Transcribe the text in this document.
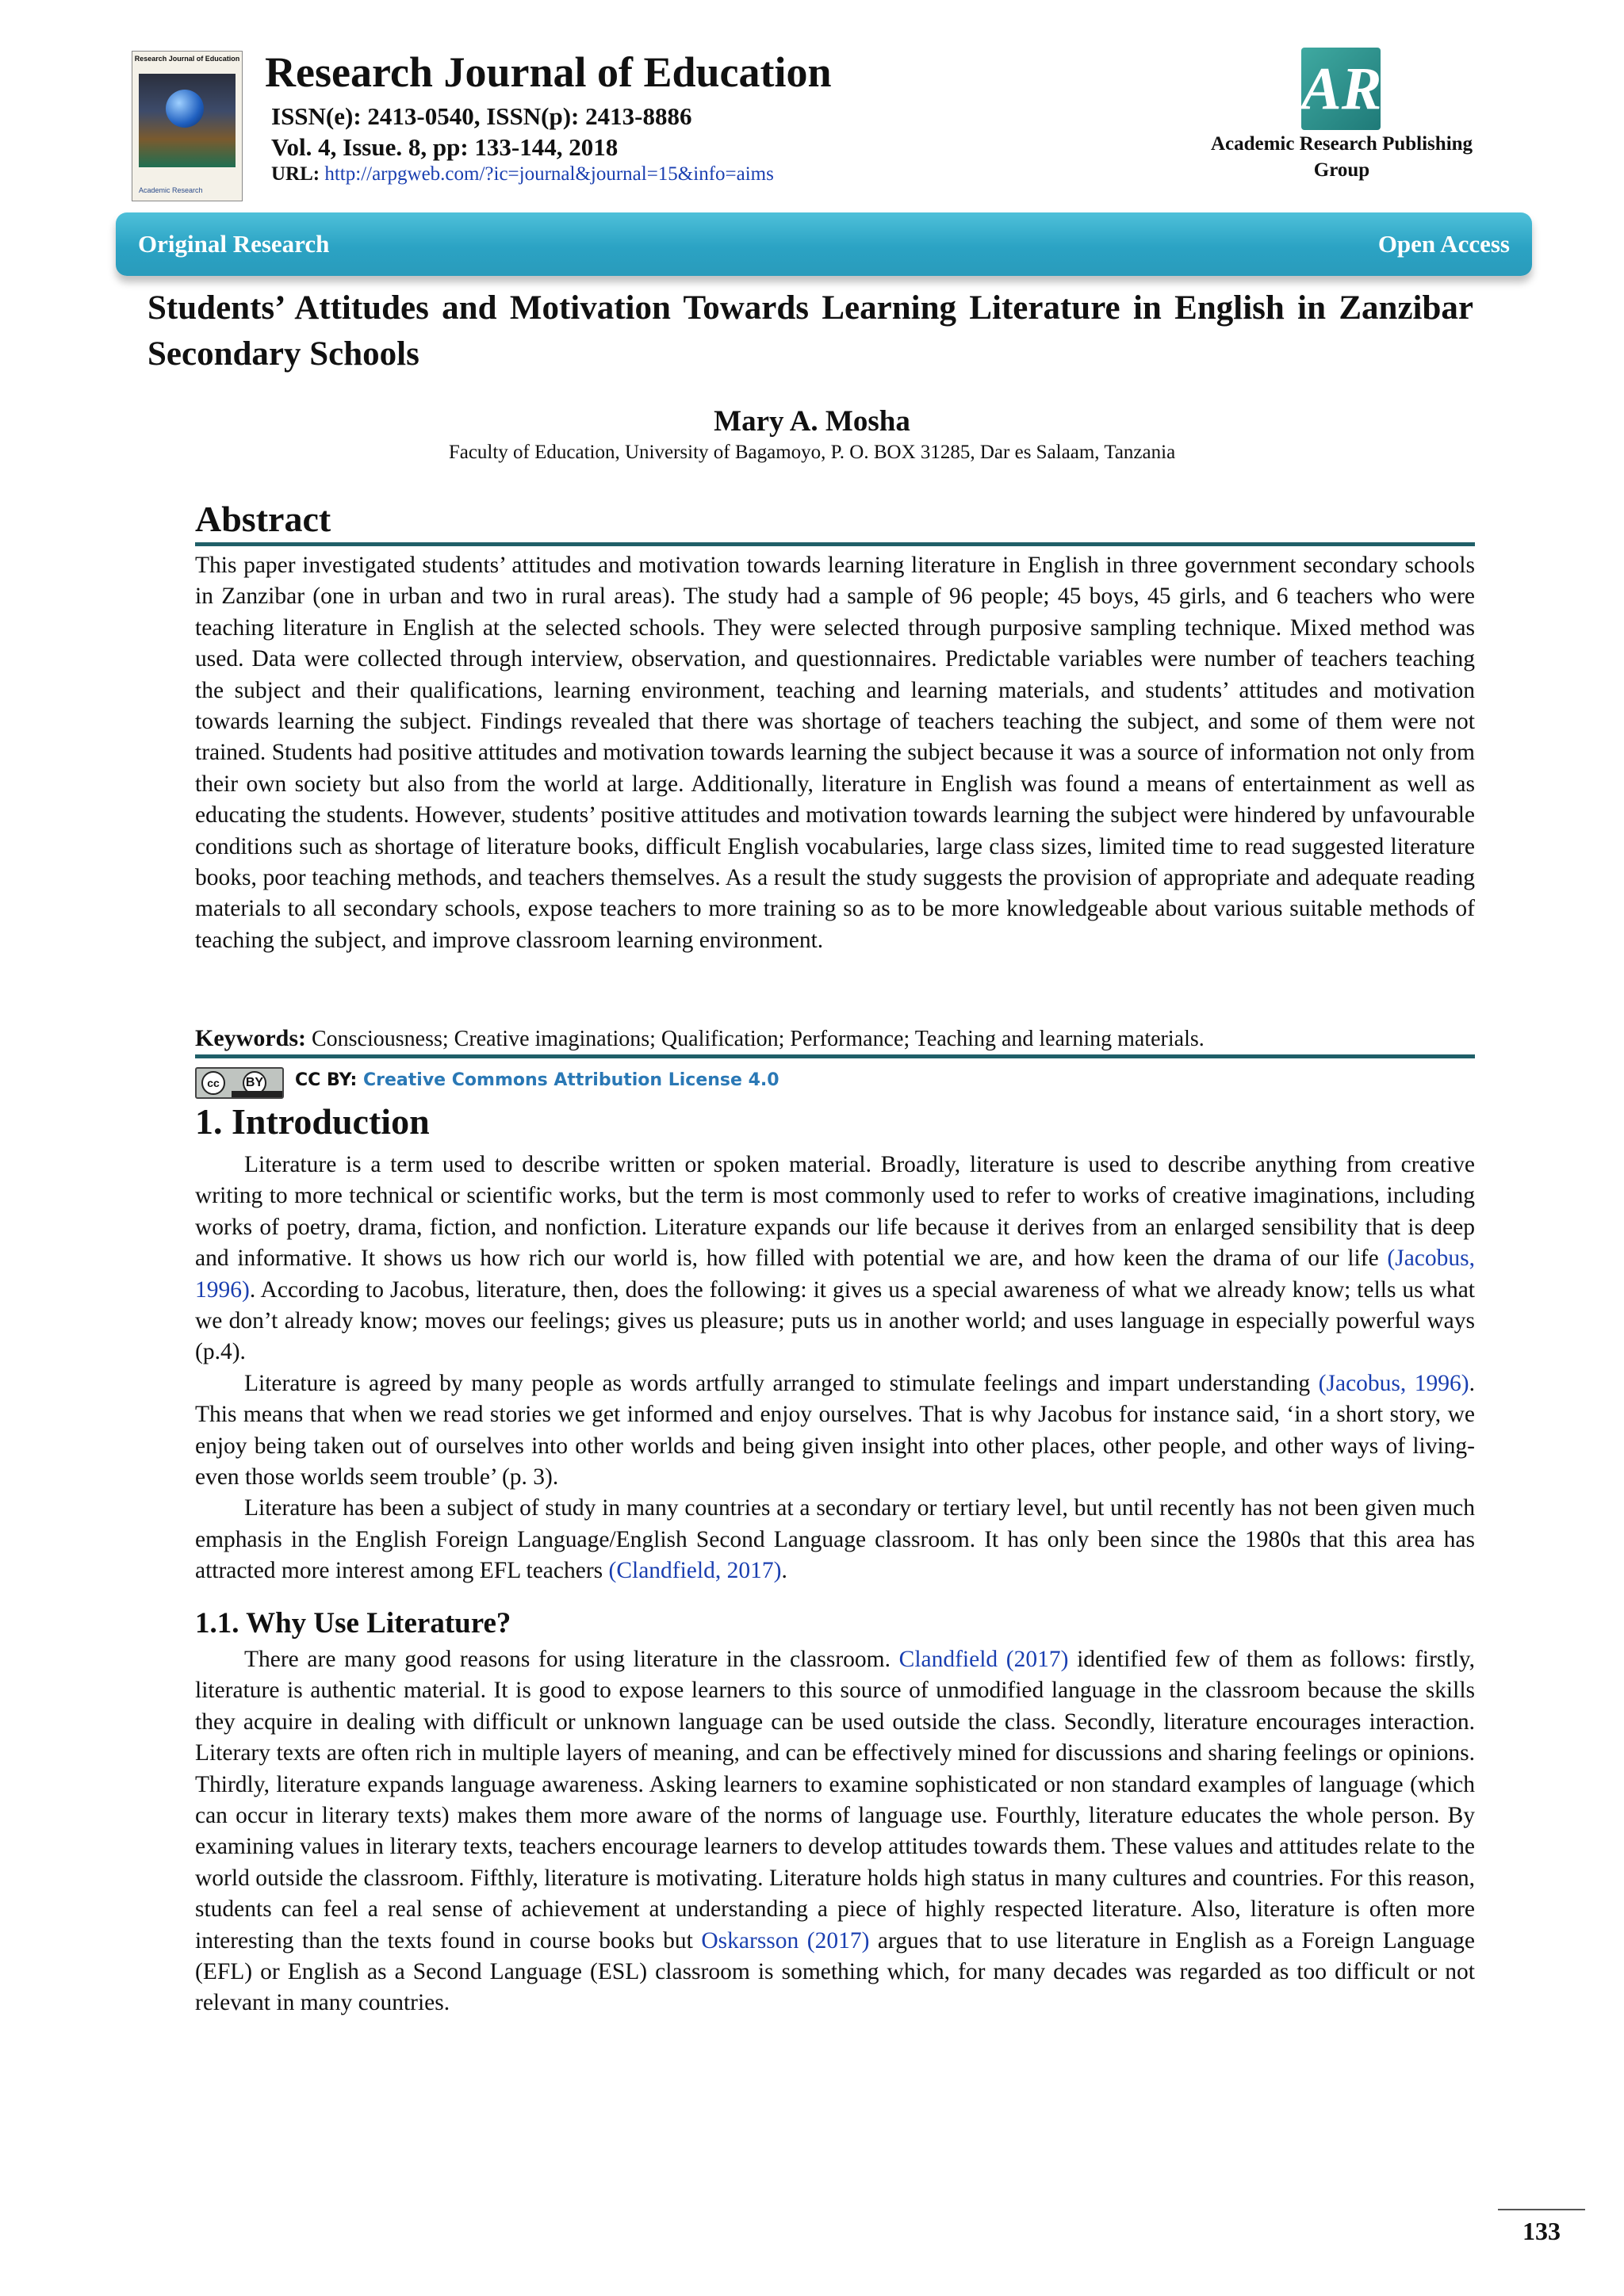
Research Journal of Education
Academic Research
Research Journal of Education
ISSN(e): 2413-0540, ISSN(p): 2413-8886
Vol. 4, Issue. 8, pp: 133-144, 2018
URL: http://arpgweb.com/?ic=journal&journal=15&info=aims
AR
Academic Research Publishing
Group
Original Research	Open Access
Students’ Attitudes and Motivation Towards Learning Literature in English in Zanzibar Secondary Schools
Mary A. Mosha
Faculty of Education, University of Bagamoyo, P. O. BOX 31285, Dar es Salaam, Tanzania
Abstract
This paper investigated students’ attitudes and motivation towards learning literature in English in three government secondary schools in Zanzibar (one in urban and two in rural areas). The study had a sample of 96 people; 45 boys, 45 girls, and 6 teachers who were teaching literature in English at the selected schools. They were selected through purposive sampling technique. Mixed method was used. Data were collected through interview, observation, and questionnaires. Predictable variables were number of teachers teaching the subject and their qualifications, learning environment, teaching and learning materials, and students’ attitudes and motivation towards learning the subject. Findings revealed that there was shortage of teachers teaching the subject, and some of them were not trained. Students had positive attitudes and motivation towards learning the subject because it was a source of information not only from their own society but also from the world at large. Additionally, literature in English was found a means of entertainment as well as educating the students. However, students’ positive attitudes and motivation towards learning the subject were hindered by unfavourable conditions such as shortage of literature books, difficult English vocabularies, large class sizes, limited time to read suggested literature books, poor teaching methods, and teachers themselves. As a result the study suggests the provision of appropriate and adequate reading materials to all secondary schools, expose teachers to more training so as to be more knowledgeable about various suitable methods of teaching the subject, and improve classroom learning environment.
Keywords: Consciousness; Creative imaginations; Qualification; Performance; Teaching and learning materials.
cc	BY CC BY: Creative Commons Attribution License 4.0
1. Introduction

Literature is a term used to describe written or spoken material. Broadly, literature is used to describe anything from creative writing to more technical or scientific works, but the term is most commonly used to refer to works of creative imaginations, including works of poetry, drama, fiction, and nonfiction. Literature expands our life because it derives from an enlarged sensibility that is deep and informative. It shows us how rich our world is, how filled with potential we are, and how keen the drama of our life (Jacobus, 1996). According to Jacobus, literature, then, does the following: it gives us a special awareness of what we already know; tells us what we don’t already know; moves our feelings; gives us pleasure; puts us in another world; and uses language in especially powerful ways (p.4).

Literature is agreed by many people as words artfully arranged to stimulate feelings and impart understanding (Jacobus, 1996). This means that when we read stories we get informed and enjoy ourselves. That is why Jacobus for instance said, ‘in a short story, we enjoy being taken out of ourselves into other worlds and being given insight into other places, other people, and other ways of living-even those worlds seem trouble’ (p. 3).

Literature has been a subject of study in many countries at a secondary or tertiary level, but until recently has not been given much emphasis in the English Foreign Language/English Second Language classroom. It has only been since the 1980s that this area has attracted more interest among EFL teachers (Clandfield, 2017).

1.1. Why Use Literature?

There are many good reasons for using literature in the classroom. Clandfield (2017) identified few of them as follows: firstly, literature is authentic material. It is good to expose learners to this source of unmodified language in the classroom because the skills they acquire in dealing with difficult or unknown language can be used outside the class. Secondly, literature encourages interaction. Literary texts are often rich in multiple layers of meaning, and can be effectively mined for discussions and sharing feelings or opinions. Thirdly, literature expands language awareness. Asking learners to examine sophisticated or non standard examples of language (which can occur in literary texts) makes them more aware of the norms of language use. Fourthly, literature educates the whole person. By examining values in literary texts, teachers encourage learners to develop attitudes towards them. These values and attitudes relate to the world outside the classroom. Fifthly, literature is motivating. Literature holds high status in many cultures and countries. For this reason, students can feel a real sense of achievement at understanding a piece of highly respected literature. Also, literature is often more interesting than the texts found in course books but Oskarsson (2017) argues that to use literature in English as a Foreign Language (EFL) or English as a Second Language (ESL) classroom is something which, for many decades was regarded as too difficult or not relevant in many countries.

133
